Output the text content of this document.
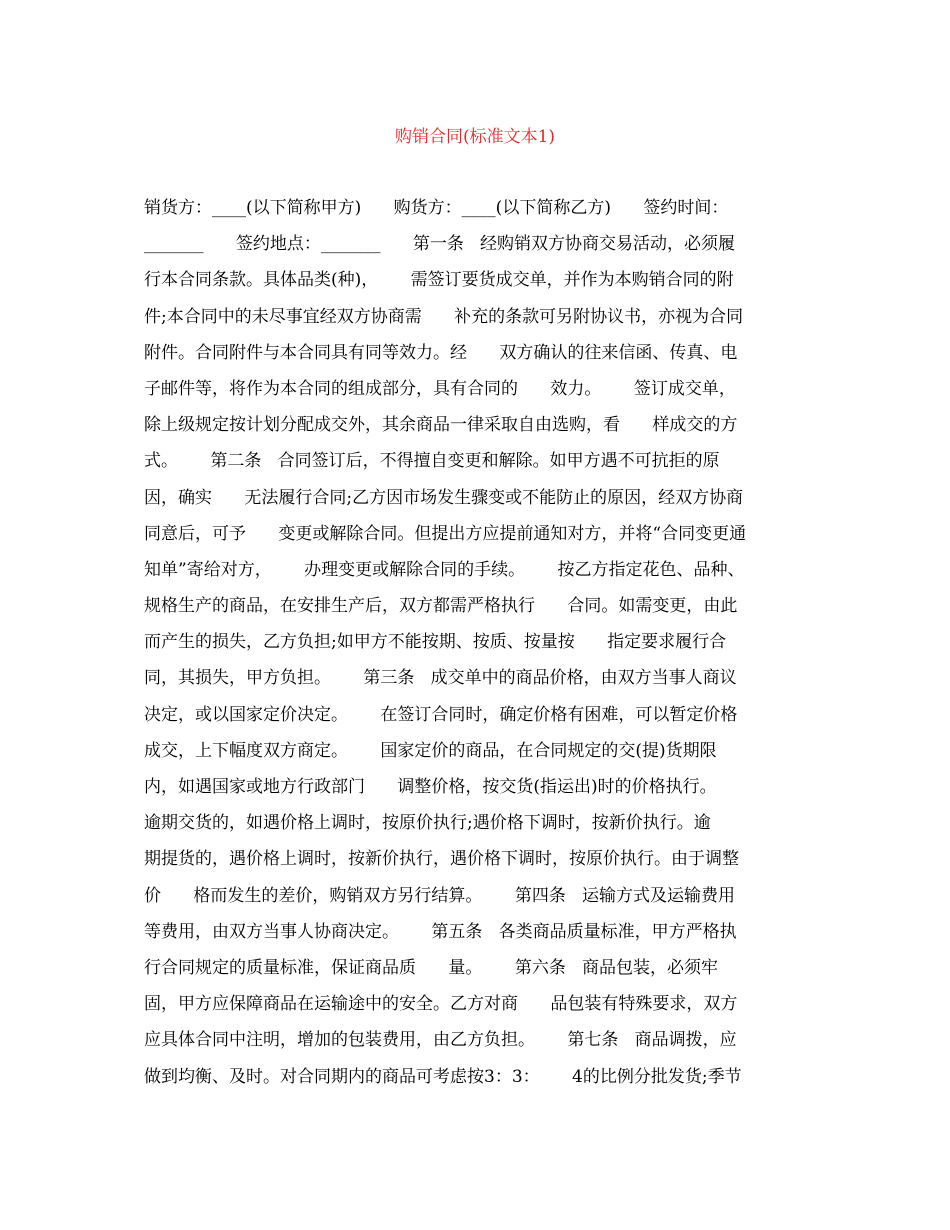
购销合同(标准文本1)
销货方：____(以下简称甲方)      购货方：____(以下简称乙方)      签约时间：
_______      签约地点：_______      第一条   经购销双方协商交易活动，必须履
行本合同条款。具体品类(种)，      需签订要货成交单，并作为本购销合同的附
件;本合同中的未尽事宜经双方协商需      补充的条款可另附协议书，亦视为合同
附件。合同附件与本合同具有同等效力。经      双方确认的往来信函、传真、电
子邮件等，将作为本合同的组成部分，具有合同的      效力。      签订成交单，
除上级规定按计划分配成交外，其余商品一律采取自由选购，看      样成交的方
式。      第二条   合同签订后，不得擅自变更和解除。如甲方遇不可抗拒的原
因，确实      无法履行合同;乙方因市场发生骤变或不能防止的原因，经双方协商
同意后，可予      变更或解除合同。但提出方应提前通知对方，并将“合同变更通
知单”寄给对方，      办理变更或解除合同的手续。      按乙方指定花色、品种、
规格生产的商品，在安排生产后，双方都需严格执行      合同。如需变更，由此
而产生的损失，乙方负担;如甲方不能按期、按质、按量按      指定要求履行合
同，其损失，甲方负担。      第三条   成交单中的商品价格，由双方当事人商议
决定，或以国家定价决定。      在签订合同时，确定价格有困难，可以暂定价格
成交，上下幅度双方商定。      国家定价的商品，在合同规定的交(提)货期限
内，如遇国家或地方行政部门      调整价格，按交货(指运出)时的价格执行。
逾期交货的，如遇价格上调时，按原价执行;遇价格下调时，按新价执行。逾
期提货的，遇价格上调时，按新价执行，遇价格下调时，按原价执行。由于调整
价      格而发生的差价，购销双方另行结算。      第四条   运输方式及运输费用
等费用，由双方当事人协商决定。      第五条   各类商品质量标准，甲方严格执
行合同规定的质量标准，保证商品质      量。      第六条   商品包装，必须牢
固，甲方应保障商品在运输途中的安全。乙方对商      品包装有特殊要求，双方
应具体合同中注明，增加的包装费用，由乙方负担。      第七条   商品调拨，应
做到均衡、及时。对合同期内的商品可考虑按3：3：      4的比例分批发货;季节
